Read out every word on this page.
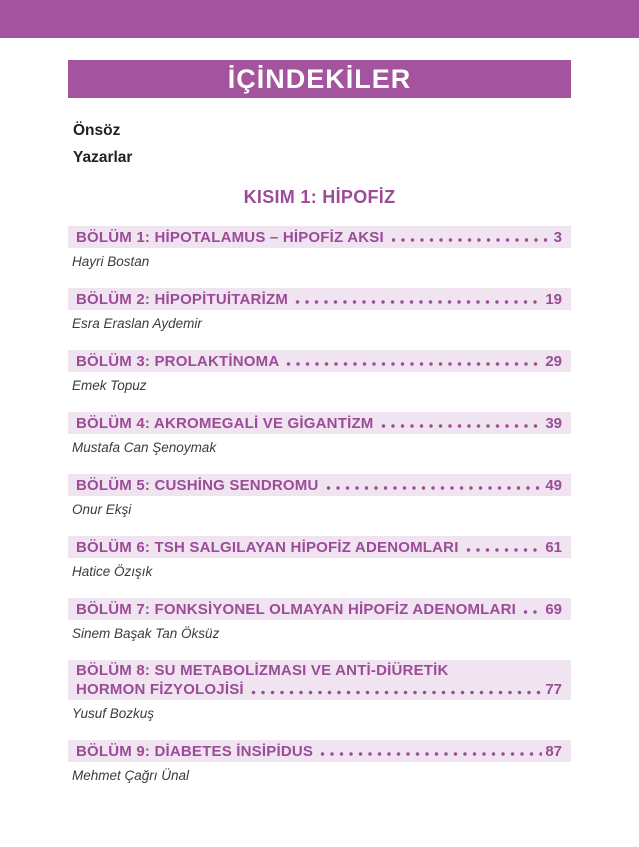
İÇİNDEKİLER
Önsöz
Yazarlar
KISIM 1: HİPOFİZ
BÖLÜM 1: HİPOTALAMUS – HİPOFİZ AKSI	3
Hayri Bostan
BÖLÜM 2: HİPOPİTUİTARİZM	19
Esra Eraslan Aydemir
BÖLÜM 3: PROLAKTİNOMA	29
Emek Topuz
BÖLÜM 4: AKROMEGALİ VE GİGANTİZM	39
Mustafa Can Şenoymak
BÖLÜM 5: CUSHİNG SENDROMU	49
Onur Ekşi
BÖLÜM 6: TSH SALGILAYAN HİPOFİZ ADENOMLARI	61
Hatice Özışık
BÖLÜM 7: FONKSİYONEL OLMAYAN HİPOFİZ ADENOMLARI 69
Sinem Başak Tan Öksüz
BÖLÜM 8: SU METABOLİZMASI VE ANTİ-DİÜRETİK
HORMON FİZYOLOJİSİ	77
Yusuf Bozkuş
BÖLÜM 9: DİABETES İNSİPİDUS	87
Mehmet Çağrı Ünal
